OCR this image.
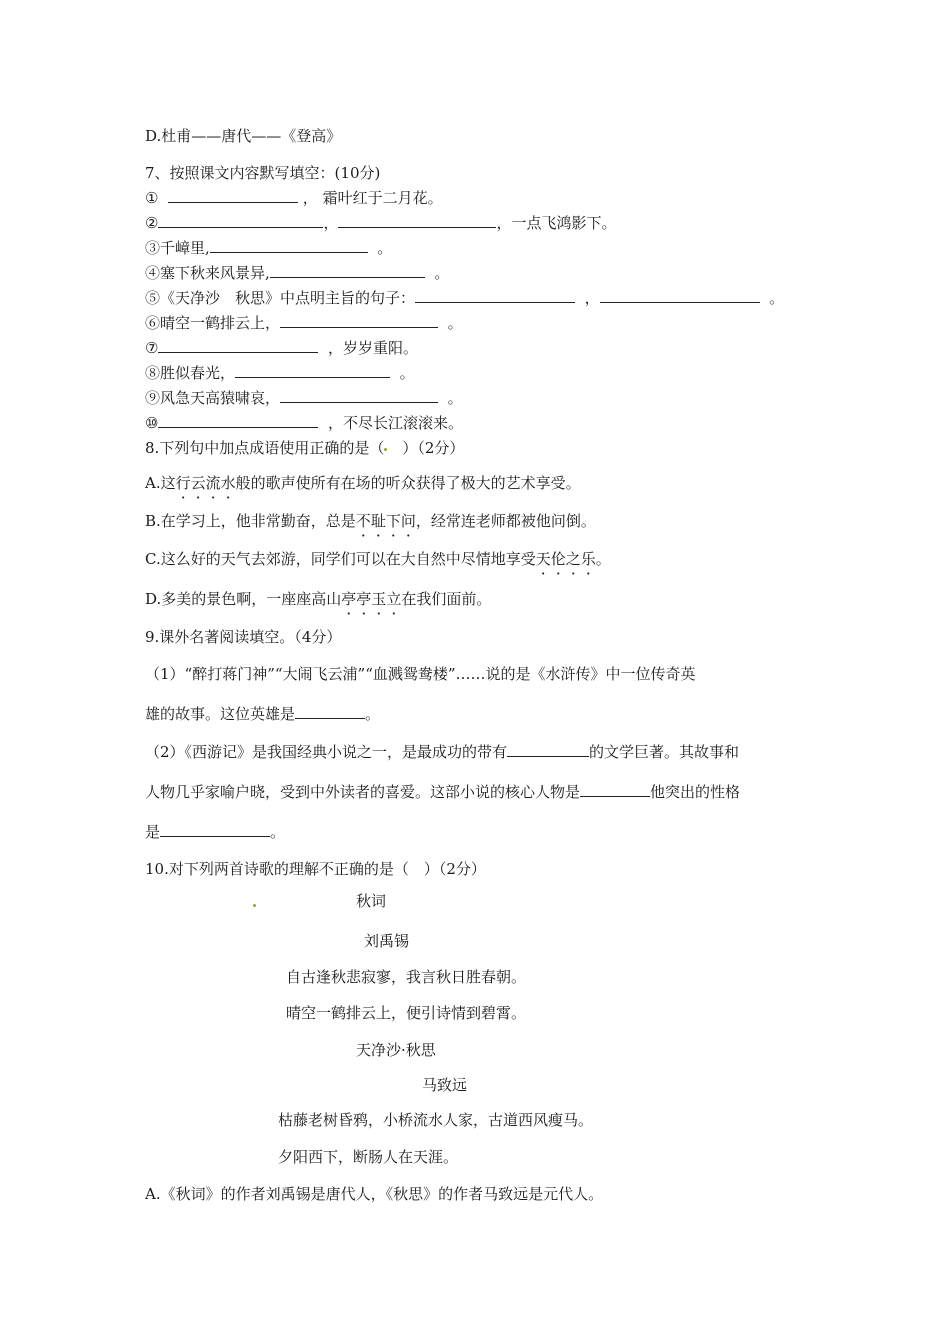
D.杜甫——唐代——《登高》
7、按照课文内容默写填空：(10分)
①	， 霜叶红于二月花。
②	，	，一点飞鸿影下。
③千嶂里,	。
④塞下秋来风景异,	。
⑤《天净沙　秋思》中点明主旨的句子：	，	。
⑥晴空一鹤排云上，	。
⑦	，岁岁重阳。
⑧胜似春光，	。
⑨风急天高猿啸哀，	。
⑩	，不尽长江滚滚来。
8.下列句中加点成语使用正确的是（　）（2分）
A.这行云流水般的歌声使所有在场的听众获得了极大的艺术享受。
B.在学习上，他非常勤奋，总是不耻下问，经常连老师都被他问倒。
C.这么好的天气去郊游，同学们可以在大自然中尽情地享受天伦之乐。
D.多美的景色啊，一座座高山亭亭玉立在我们面前。
9.课外名著阅读填空。（4分）
（1）“醉打蒋门神”“大闹飞云浦”“血溅鸳鸯楼”……说的是《水浒传》中一位传奇英
雄的故事。这位英雄是	。
（2）《西游记》是我国经典小说之一，是最成功的带有	的文学巨著。其故事和
人物几乎家喻户晓，受到中外读者的喜爱。这部小说的核心人物是	他突出的性格
是	。
10.对下列两首诗歌的理解不正确的是（　）（2分）
秋词
刘禹锡
自古逢秋悲寂寥，我言秋日胜春朝。
晴空一鹤排云上，便引诗情到碧霄。
天净沙·秋思
马致远
枯藤老树昏鸦，小桥流水人家，古道西风瘦马。
夕阳西下，断肠人在天涯。
A.《秋词》的作者刘禹锡是唐代人，《秋思》的作者马致远是元代人。
